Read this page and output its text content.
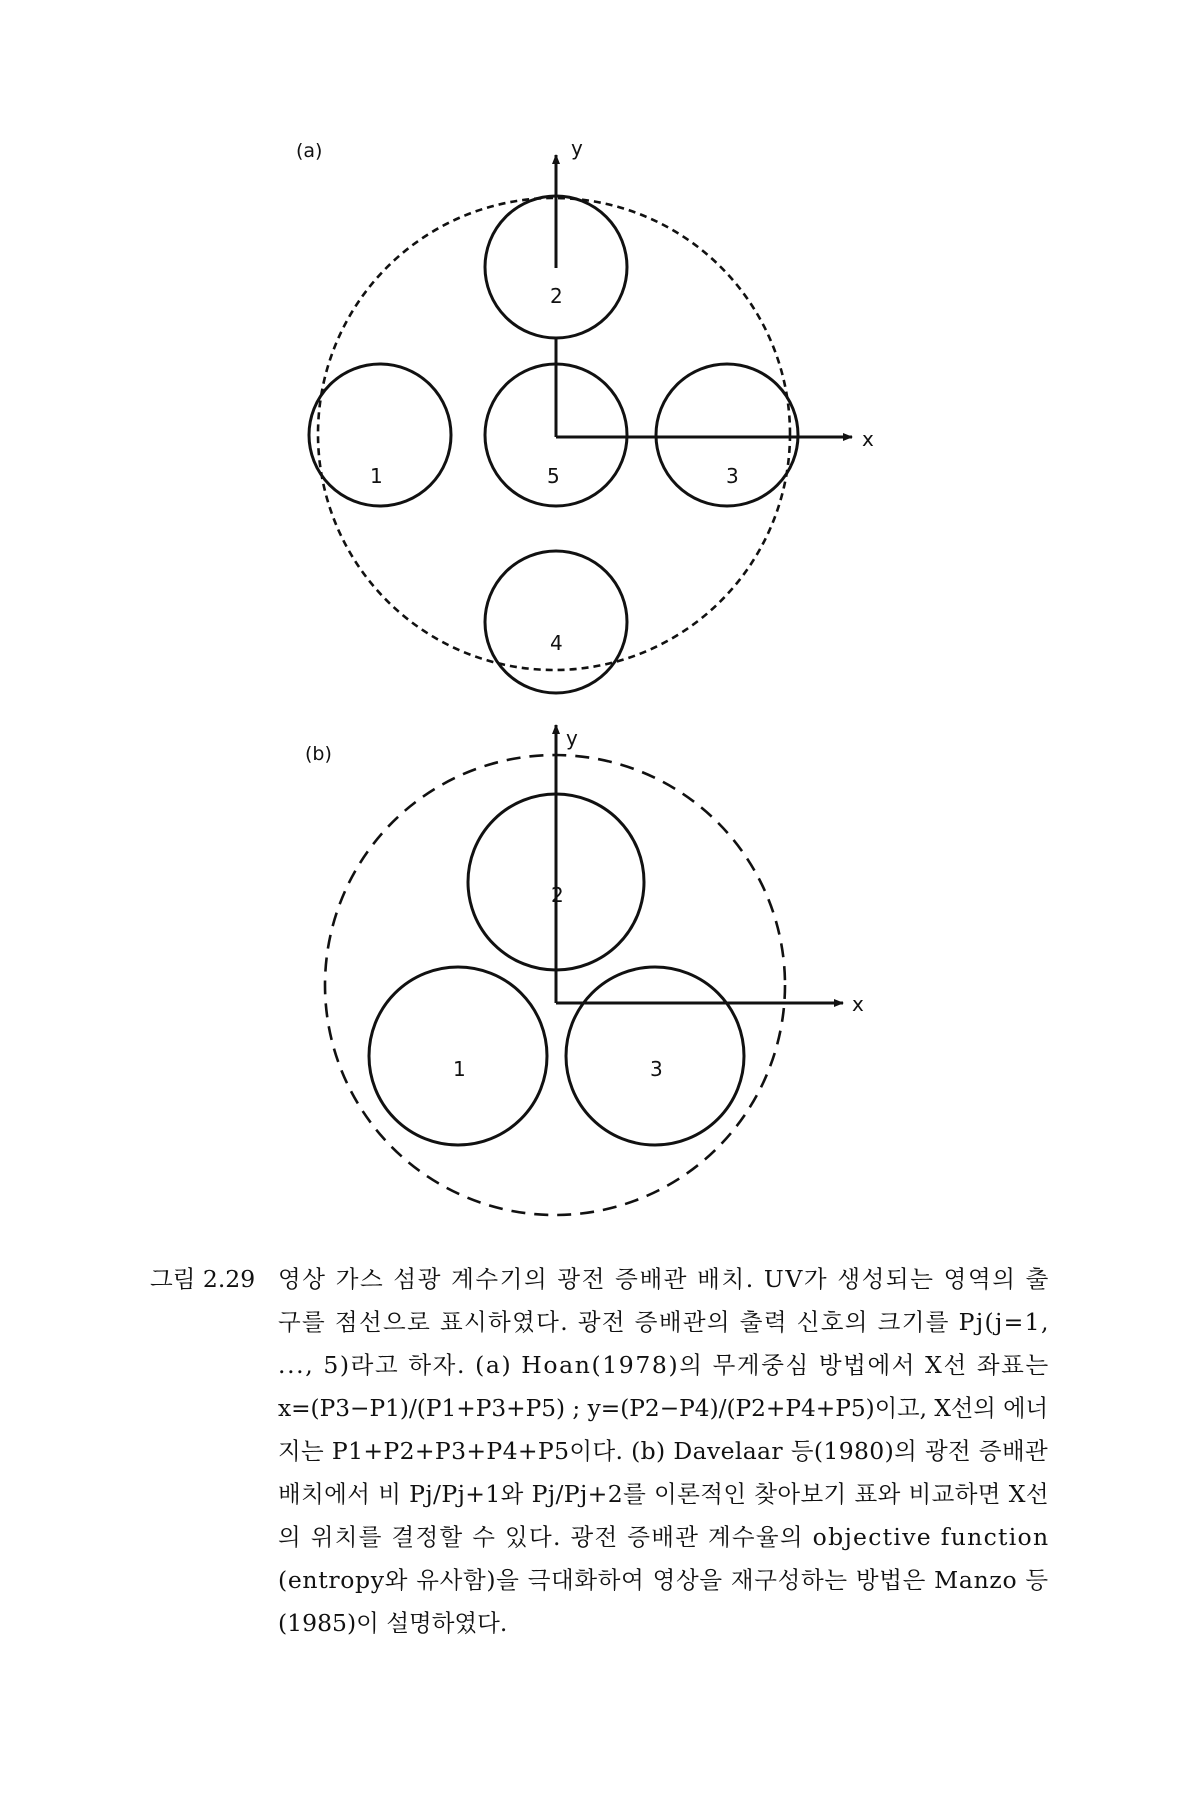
(a)	y
x
2
1	5	3
4
(b)
y
x
2
1	3
그림 2.29 영상 가스 섬광 계수기의 광전 증배관 배치. UV가 생성되는 영역의 출
구를 점선으로 표시하였다. 광전 증배관의 출력 신호의 크기를 Pj(j=1,
..., 5)라고 하자. (a) Hoan(1978)의 무게중심 방법에서 X선 좌표는
x=(P3−P1)/(P1+P3+P5) ; y=(P2−P4)/(P2+P4+P5)이고, X선의 에너
지는 P1+P2+P3+P4+P5이다. (b) Davelaar 등(1980)의 광전 증배관
배치에서 비 Pj/Pj+1와 Pj/Pj+2를 이론적인 찾아보기 표와 비교하면 X선
의 위치를 결정할 수 있다. 광전 증배관 계수율의 objective function
(entropy와 유사함)을 극대화하여 영상을 재구성하는 방법은 Manzo 등
(1985)이 설명하였다.
